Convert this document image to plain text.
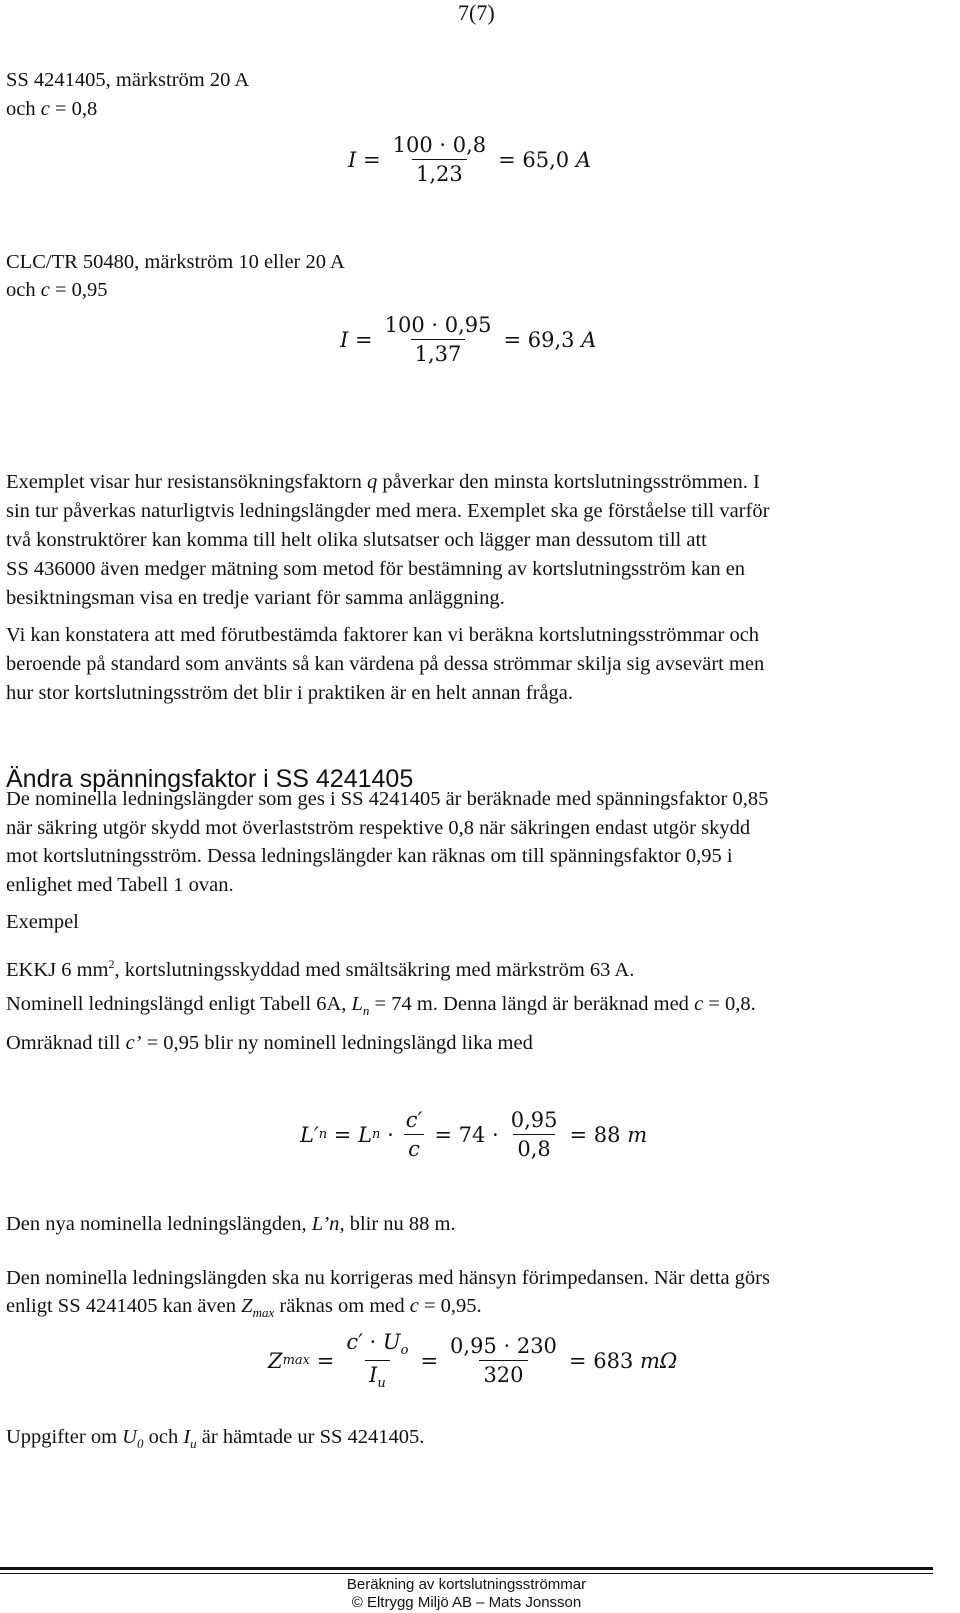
7(7)
SS 4241405, märkström 20 A
och c = 0,8
I
= $\frac{100 \cdot 0,8}{1,23}$ =
65,0
A
CLC/TR 50480, märkström 10 eller 20 A
och c = 0,95
I
= $\frac{100 \cdot 0,95}{1,37}$ =
69,3
A
Exemplet visar hur resistansökningsfaktorn q påverkar den minsta kortslutningsströmmen. I
sin tur påverkas naturligtvis ledningslängder med mera. Exemplet ska ge förståelse till varför
två konstruktörer kan komma till helt olika slutsatser och lägger man dessutom till att
SS 436000 även medger mätning som metod för bestämning av kortslutningsström kan en
besiktningsman visa en tredje variant för samma anläggning.
Vi kan konstatera att med förutbestämda faktorer kan vi beräkna kortslutningsströmmar och
beroende på standard som använts så kan värdena på dessa strömmar skilja sig avsevärt men
hur stor kortslutningsström det blir i praktiken är en helt annan fråga.
Ändra spänningsfaktor i SS 4241405
De nominella ledningslängder som ges i SS 4241405 är beräknade med spänningsfaktor 0,85
när säkring utgör skydd mot överlastström respektive 0,8 när säkringen endast utgör skydd
mot kortslutningsström. Dessa ledningslängder kan räknas om till spänningsfaktor 0,95 i
enlighet med Tabell 1 ovan.
Exempel
EKKJ 6 $mm^2$, kortslutningsskyddad med smältsäkring med märkström 63 A.
Nominell ledningslängd enligt Tabell 6A, $L_n = 74$ m. Denna längd är beräknad med c = 0,8.
Omräknad till c’ = 0,95 blir ny nominell ledningslängd lika med
L′ n
=
L n
· $\frac{c'}{c}$ =
74
· $\frac{0,95}{0,8}$ =
88
m
Den nya nominella ledningslängden, L’n, blir nu 88 m.
Den nominella ledningslängden ska nu korrigeras med hänsyn förimpedansen. När detta görs
enligt SS 4241405 kan även $Z_{max}$ räknas om med c = 0,95.
Z max
= $\frac{c' \cdot U_o}{I_u} = \frac{0,95 \cdot 230}{320}$ =
683
mΩ
Uppgifter om $U_0$ och $I_u$ är hämtade ur SS 4241405.
Beräkning av kortslutningsströmmar
© Eltrygg Miljö AB – Mats Jonsson
